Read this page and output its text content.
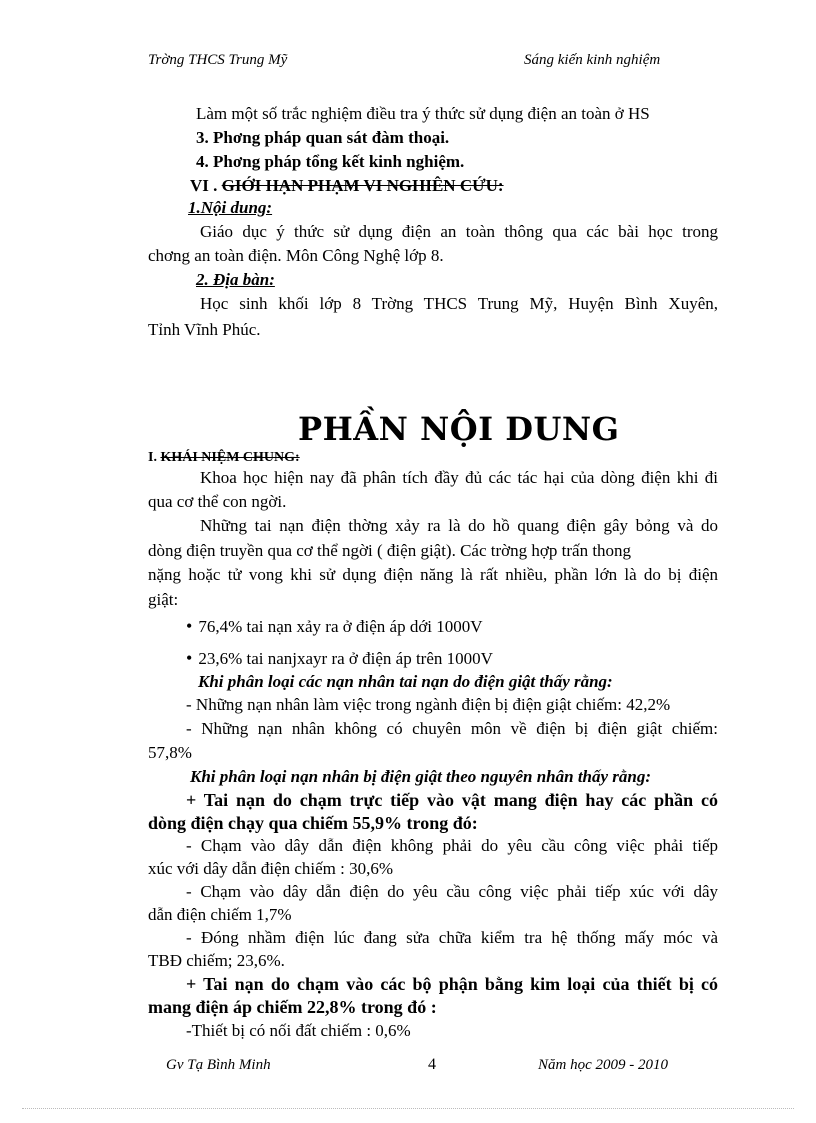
Trờng THCS Trung Mỹ	Sáng kiến kinh nghiệm
Làm một số trắc nghiệm điều tra ý thức sử dụng điện an toàn ở HS
3. Phơng pháp quan sát đàm thoại.
4. Phơng pháp tổng kết kinh nghiệm.
VI . GIỚI HẠN PHẠM VI NGHIÊN CỨU:
1.Nội dung:
Giáo dục ý thức sử dụng điện an toàn thông qua các bài học trong
chơng an toàn điện. Môn Công Nghệ lớp 8.
2. Địa bàn:
Học sinh khối lớp 8 Trờng THCS Trung Mỹ, Huyện Bình Xuyên,
Tỉnh Vĩnh Phúc.
PHẦN NỘI DUNG
I. KHÁI NIỆM CHUNG:
Khoa học hiện nay đã phân tích đầy đủ các tác hại của dòng điện khi đi
qua cơ thể con ngời.
Những tai nạn điện thờng xảy ra là do hồ quang điện gây bỏng và do
dòng điện truyền qua cơ thể ngời ( điện giật). Các trờng hợp trấn thong
nặng hoặc tử vong khi sử dụng điện năng là rất nhiều, phần lớn là do bị điện
giật:
• 76,4% tai nạn xảy ra ở điện áp dới 1000V
• 23,6% tai nanjxayr ra ở điện áp trên 1000V
Khi phân loại các nạn nhân tai nạn do điện giật thấy rằng:
- Những nạn nhân làm việc trong ngành điện bị điện giật chiếm: 42,2%
- Những nạn nhân không có chuyên môn về điện bị điện giật chiếm:
57,8%
Khi phân loại nạn nhân bị điện giật theo nguyên nhân thấy rằng:
+ Tai nạn do chạm trực tiếp vào vật mang điện hay các phần có
dòng điện chạy qua chiếm 55,9% trong đó:
- Chạm vào dây dẫn điện không phải do yêu cầu công việc phải tiếp
xúc với dây dẫn điện chiếm : 30,6%
- Chạm vào dây dẫn điện do yêu cầu công việc phải tiếp xúc với dây
dẫn điện chiếm 1,7%
- Đóng nhầm điện lúc đang sửa chữa kiểm tra hệ thống mấy móc và
TBĐ chiếm; 23,6%.
+ Tai nạn do chạm vào các bộ phận bằng kim loại của thiết bị có
mang điện áp chiếm 22,8% trong đó :
-Thiết bị có nối đất chiếm : 0,6%
Gv Tạ Bình Minh	4	Năm học 2009 - 2010
